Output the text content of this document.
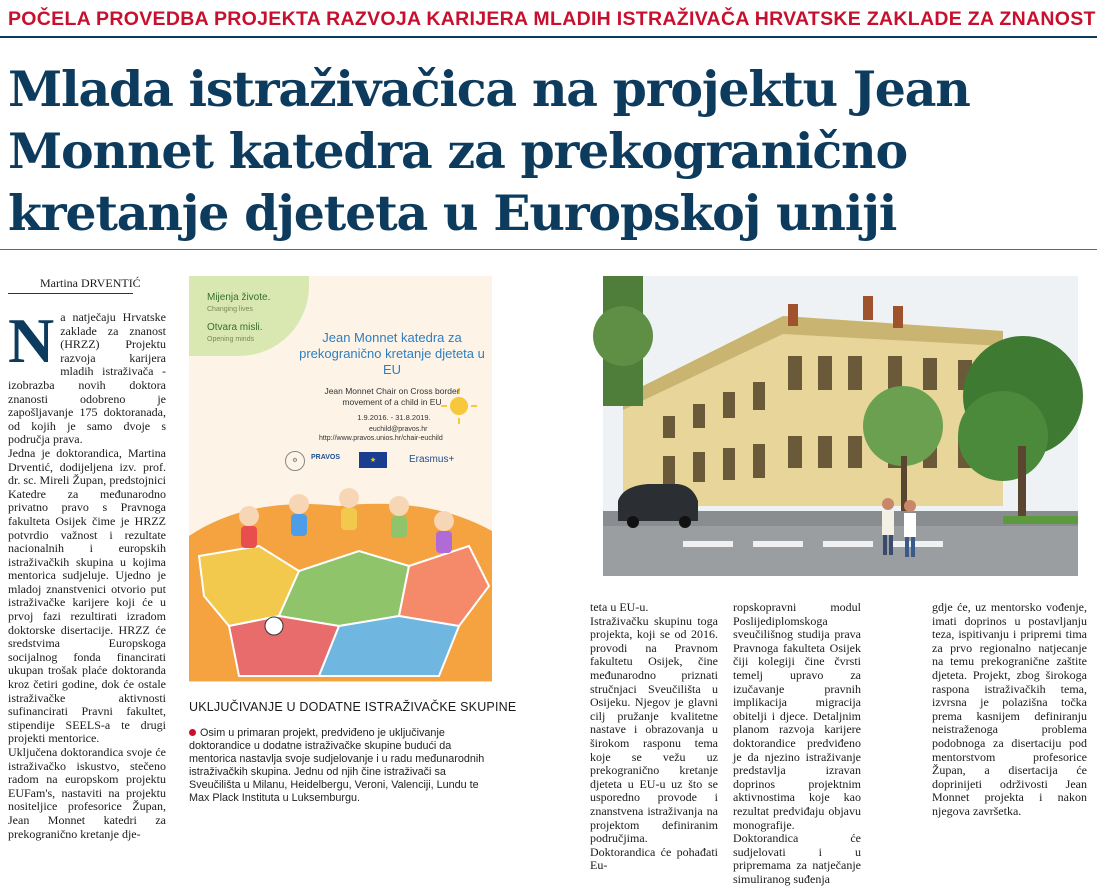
POČELA PROVEDBA PROJEKTA RAZVOJA KARIJERA MLADIH ISTRAŽIVAČA HRVATSKE ZAKLADE ZA ZNANOST
Mlada istraživačica na projektu Jean Monnet katedra za prekogranično kretanje djeteta u Europskoj uniji
Martina DRVENTIĆ

Na natječaju Hrvatske zaklade za znanost (HRZZ) Projektu razvoja karijera mladih istraživača - izobrazba novih doktora znanosti odobreno je zapošljavanje 175 doktoranada, od kojih je samo dvoje s područja prava.

Jedna je doktorandica, Martina Drventić, dodijeljena izv. prof. dr. sc. Mireli Župan, predstojnici Katedre za međunarodno privatno pravo s Pravnoga fakulteta Osijek čime je HRZZ potvrdio važnost i rezultate nacionalnih i europskih istraživačkih skupina u kojima mentorica sudjeluje. Ujedno je mladoj znanstvenici otvorio put istraživačke karijere koji će u prvoj fazi rezultirati izradom doktorske disertacije. HRZZ će sredstvima Europskoga socijalnog fonda financirati ukupan trošak plaće doktoranda kroz četiri godine, dok će ostale istraživačke aktivnosti sufinancirati Pravni fakultet, stipendije SEELS-a te drugi projekti mentorice.

Uključena doktorandica svoje će istraživačko iskustvo, stečeno radom na europskom projektu EUFam's, nastaviti na projektu nositeljice profesorice Župan, Jean Monnet katedri za prekogranično kretanje dje-

Mijenja živote.
Changing lives
Otvara misli.
Opening minds	Jean Monnet katedra za prekogranično kretanje djeteta u EU
Jean Monnet Chair on Cross border movement of a child in EU
1.9.2016. - 31.8.2019.
euchild@pravos.hr
http://www.pravos.unios.hr/chair-euchild
⚙	PRAVOS	★	Erasmus+
UKLJUČIVANJE U DODATNE ISTRAŽIVAČKE SKUPINE

Osim u primaran projekt, predviđeno je uključivanje doktorandice u dodatne istraživačke skupine budući da mentorica nastavlja svoje sudjelovanje i u radu međunarodnih istraživačkih skupina. Jednu od njih čine istraživači sa Sveučilišta u Milanu, Heidelbergu, Veroni, Valenciji, Lundu te Max Plack Instituta u Luksemburgu.

teta u EU-u.

Istraživačku skupinu toga projekta, koji se od 2016. provodi na Pravnom fakultetu Osijek, čine međunarodno priznati stručnjaci Sveučilišta u Osijeku. Njegov je glavni cilj pružanje kvalitetne nastave i obrazovanja u širokom rasponu tema koje se vežu uz prekogranično kretanje djeteta u EU-u uz što se usporedno provode i znanstvena istraživanja na projektom definiranim područjima.

Doktorandica će pohađati Eu-

ropskopravni modul Poslijediplomskoga sveučilišnog studija prava Pravnoga fakulteta Osijek čiji kolegiji čine čvrsti temelj upravo za izučavanje pravnih implikacija migracija obitelji i djece. Detaljnim planom razvoja karijere doktorandice predviđeno je da njezino istraživanje predstavlja izravan doprinos projektnim aktivnostima koje kao rezultat predviđaju objavu monografije. Doktorandica će sudjelovati i u pripremama za natječanje simuliranog suđenja

gdje će, uz mentorsko vođenje, imati doprinos u postavljanju teza, ispitivanju i pripremi tima za prvo regionalno natjecanje na temu prekogranične zaštite djeteta. Projekt, zbog širokoga raspona istraživačkih tema, izvrsna je polazišna točka prema kasnijem definiranju neistraženoga problema podobnoga za disertaciju pod mentorstvom profesorice Župan, a disertacija će doprinijeti održivosti Jean Monnet projekta i nakon njegova završetka.
